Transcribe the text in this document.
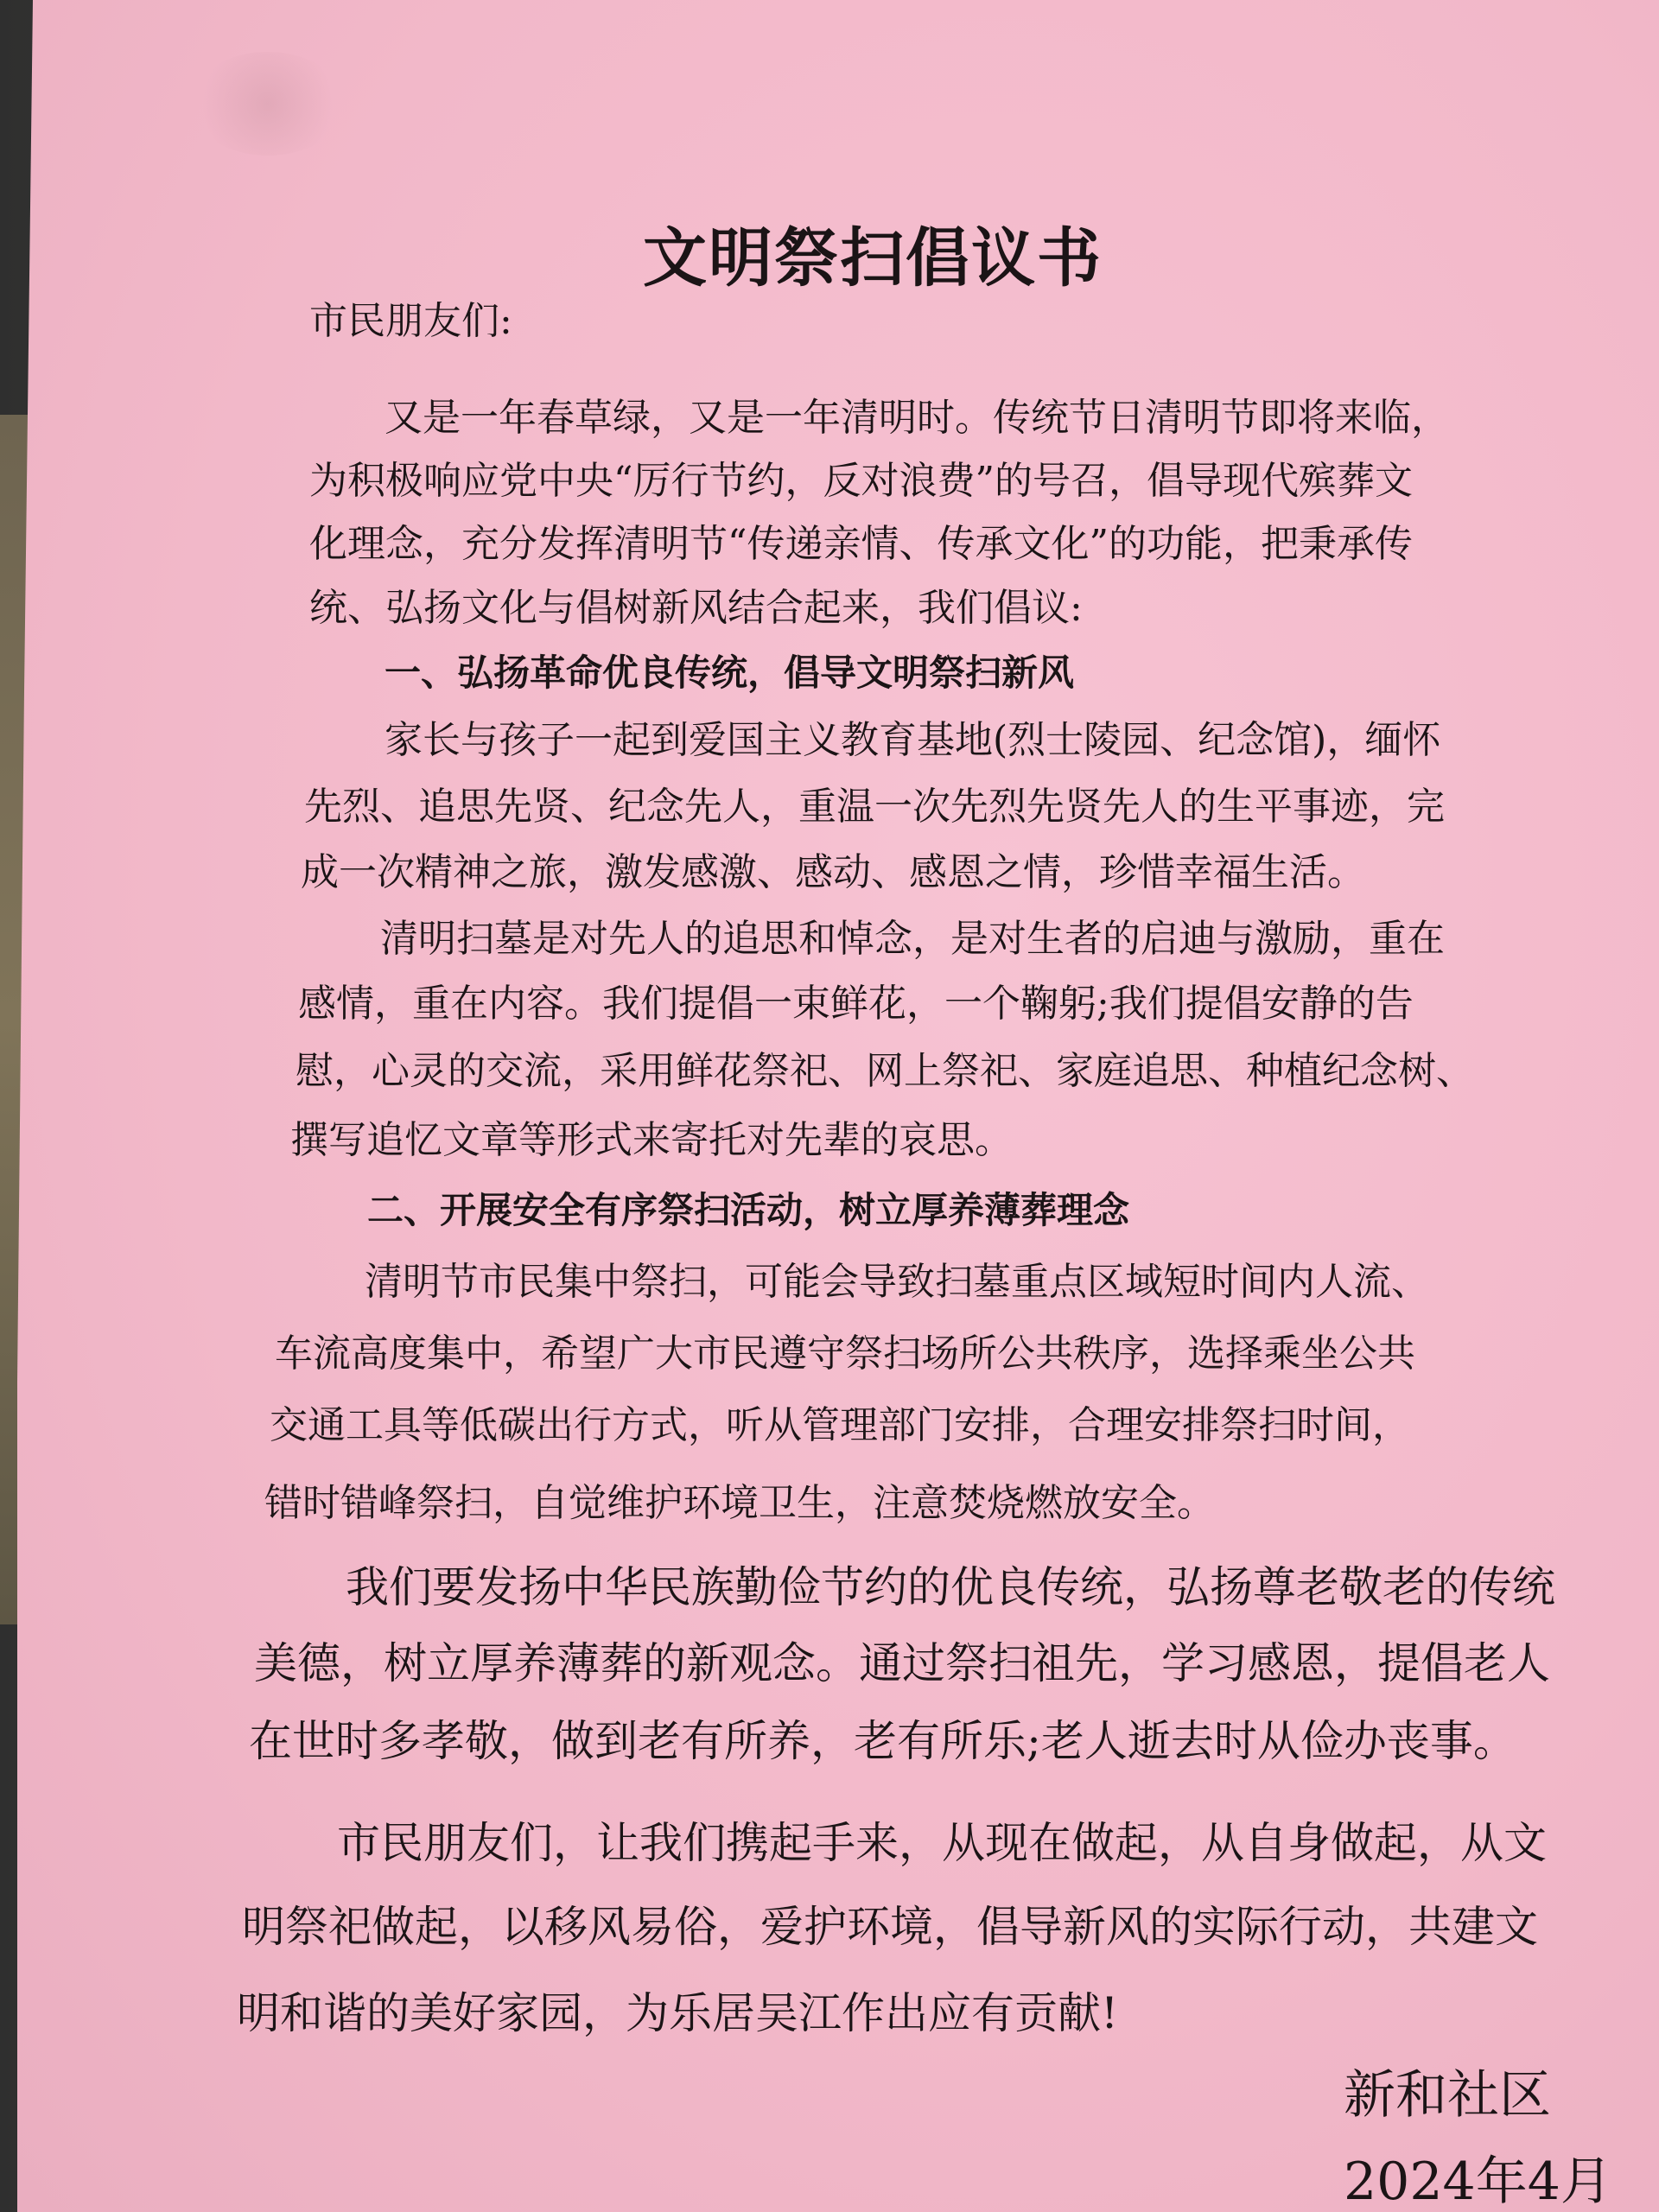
文明祭扫倡议书
市民朋友们:
又是一年春草绿，又是一年清明时。传统节日清明节即将来临，
为积极响应党中央“厉行节约，反对浪费”的号召，倡导现代殡葬文
化理念，充分发挥清明节“传递亲情、传承文化”的功能，把秉承传
统、弘扬文化与倡树新风结合起来，我们倡议:
一、弘扬革命优良传统，倡导文明祭扫新风
家长与孩子一起到爱国主义教育基地(烈士陵园、纪念馆)，缅怀
先烈、追思先贤、纪念先人，重温一次先烈先贤先人的生平事迹，完
成一次精神之旅，激发感激、感动、感恩之情，珍惜幸福生活。
清明扫墓是对先人的追思和悼念，是对生者的启迪与激励，重在
感情，重在内容。我们提倡一束鲜花，一个鞠躬;我们提倡安静的告
慰，心灵的交流，采用鲜花祭祀、网上祭祀、家庭追思、种植纪念树、
撰写追忆文章等形式来寄托对先辈的哀思。
二、开展安全有序祭扫活动，树立厚养薄葬理念
清明节市民集中祭扫，可能会导致扫墓重点区域短时间内人流、
车流高度集中，希望广大市民遵守祭扫场所公共秩序，选择乘坐公共
交通工具等低碳出行方式，听从管理部门安排，合理安排祭扫时间，
错时错峰祭扫，自觉维护环境卫生，注意焚烧燃放安全。
我们要发扬中华民族勤俭节约的优良传统，弘扬尊老敬老的传统
美德，树立厚养薄葬的新观念。通过祭扫祖先，学习感恩，提倡老人
在世时多孝敬，做到老有所养，老有所乐;老人逝去时从俭办丧事。
市民朋友们，让我们携起手来，从现在做起，从自身做起，从文
明祭祀做起，以移风易俗，爱护环境，倡导新风的实际行动，共建文
明和谐的美好家园，为乐居吴江作出应有贡献!
新和社区
2024年4月
